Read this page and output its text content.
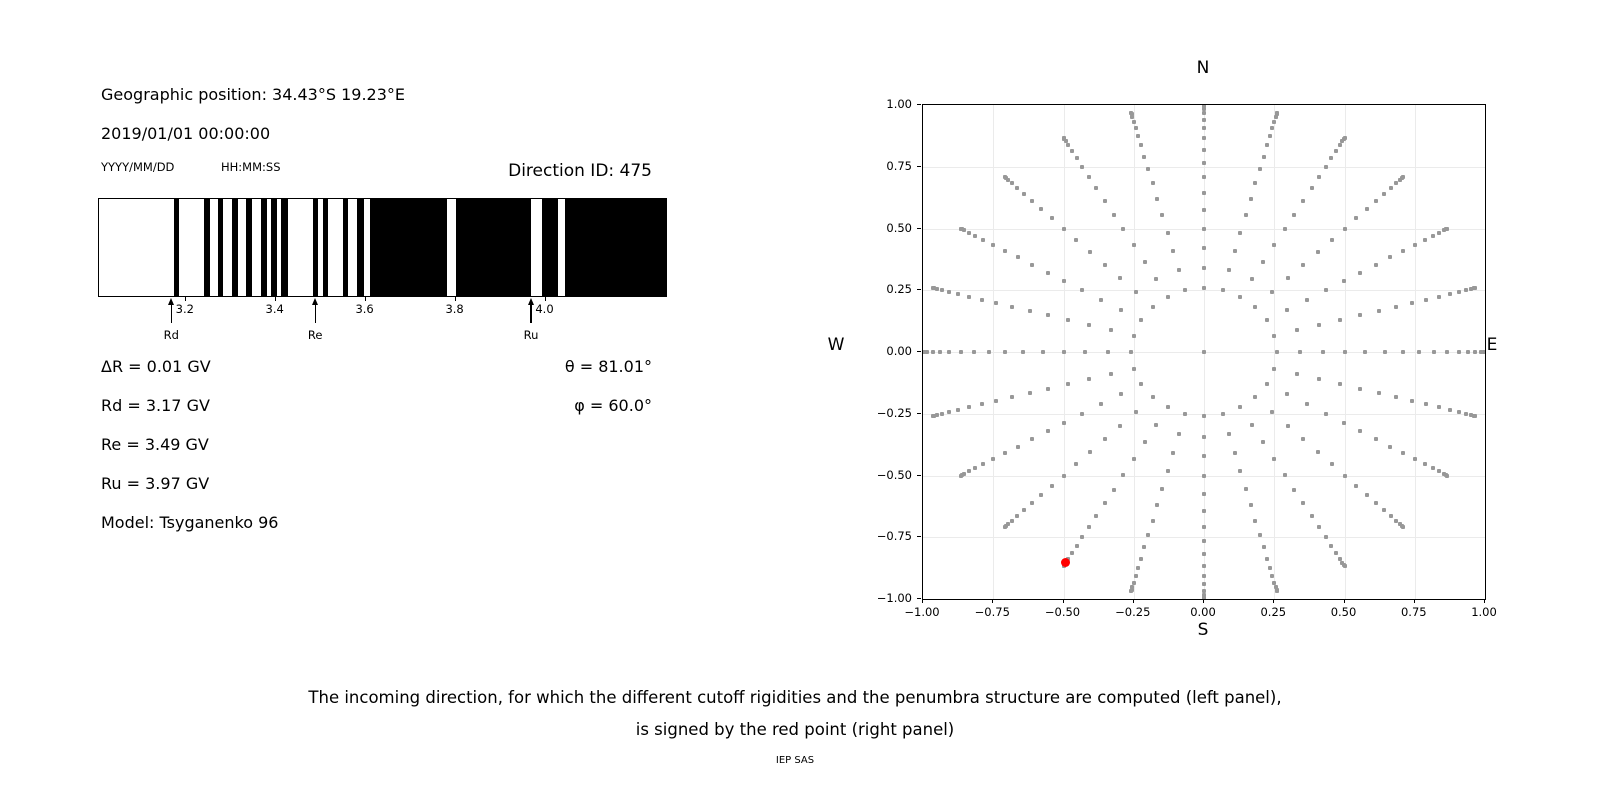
Geographic position: 34.43°S 19.23°E
2019/01/01 00:00:00
YYYY/MM/DD	HH:MM:SS	Direction ID: 475
3.2	3.4	3.6	3.8	4.0
Rd	Re	Ru
ΔR = 0.01 GV
Rd = 3.17 GV
Re = 3.49 GV
Ru = 3.97 GV
Model: Tsyganenko 96
θ = 81.01°
φ = 60.0°
−1.00	−0.75	−0.50	−0.25	0.00	0.25	0.50	0.75	1.00
1.00
0.75
0.50
0.25
0.00
−0.25
−0.50
−0.75
−1.00
N
S
W	E
The incoming direction, for which the different cutoff rigidities and the penumbra structure are computed (left panel),
is signed by the red point (right panel)
IEP SAS
